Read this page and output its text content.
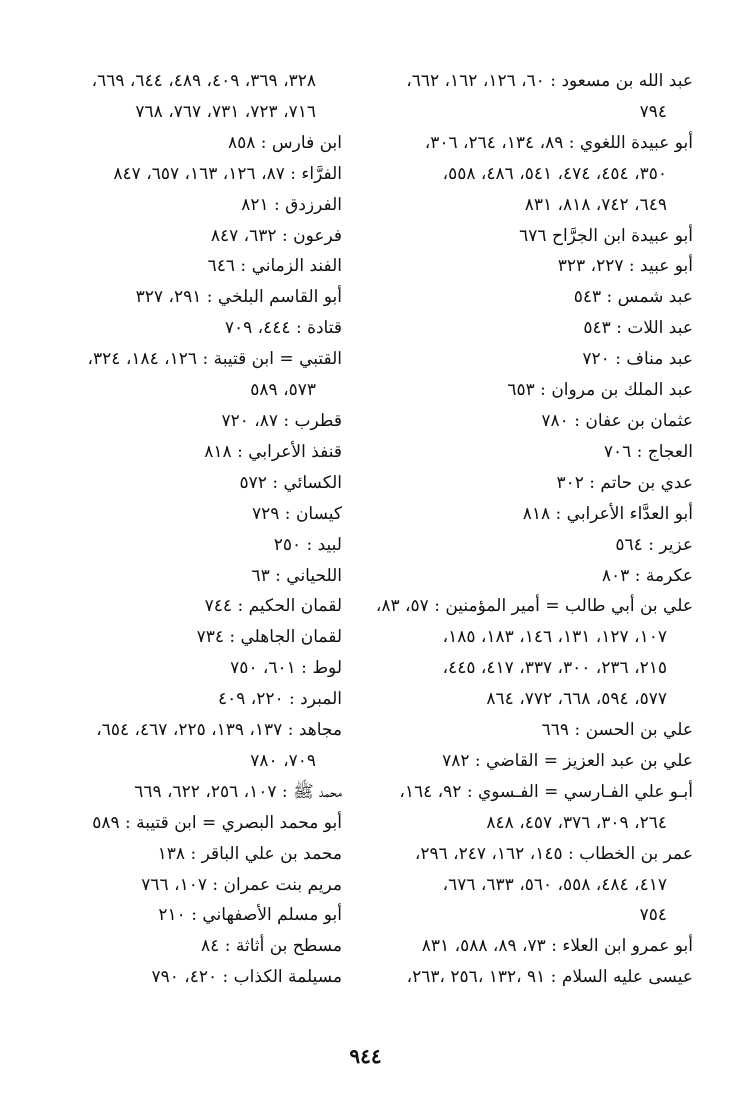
عبد الله بن مسعود : ٦٠، ١٢٦، ١٦٢، ٦٦٢،
٧٩٤
أبو عبيدة اللغوي : ٨٩، ١٣٤، ٢٦٤، ٣٠٦،
٣٥٠، ٤٥٤، ٤٧٤، ٥٤١، ٤٨٦، ٥٥٨،
٦٤٩، ٧٤٢، ٨١٨، ٨٣١
أبو عبيدة ابن الجرَّاح ٦٧٦
أبو عبيد : ٢٢٧، ٣٢٣
عبد شمس : ٥٤٣
عبد اللات : ٥٤٣
عبد مناف : ٧٢٠
عبد الملك بن مروان : ٦٥٣
عثمان بن عفان : ٧٨٠
العجاج : ٧٠٦
عدي بن حاتم : ٣٠٢
أبو العدَّاء الأعرابي : ٨١٨
عزير : ٥٦٤
عكرمة : ٨٠٣
علي بن أبي طالب = أمير المؤمنين : ٥٧، ٨٣،
١٠٧، ١٢٧، ١٣١، ١٤٦، ١٨٣، ١٨٥،
٢١٥، ٢٣٦، ٣٠٠، ٣٣٧، ٤١٧، ٤٤٥،
٥٧٧، ٥٩٤، ٦٦٨، ٧٧٢، ٨٦٤
علي بن الحسن : ٦٦٩
علي بن عبد العزيز = القاضي : ٧٨٢
أبـو علي الفـارسي = الفـسوي : ٩٢، ١٦٤،
٢٦٤، ٣٠٩، ٣٧٦، ٤٥٧، ٨٤٨
عمر بن الخطاب : ١٤٥، ١٦٢، ٢٤٧، ٢٩٦،
٤١٧، ٤٨٤، ٥٥٨، ٥٦٠، ٦٣٣، ٦٧٦،
٧٥٤
أبو عمرو ابن العلاء : ٧٣، ٨٩، ٥٨٨، ٨٣١
عيسى عليه السلام : ٩١ ،١٣٢ ،٢٥٦ ،٢٦٣،
٣٢٨، ٣٦٩، ٤٠٩، ٤٨٩، ٦٤٤، ٦٦٩،
٧١٦، ٧٢٣، ٧٣١، ٧٦٧، ٧٦٨
ابن فارس : ٨٥٨
الفرَّاء : ٨٧، ١٢٦، ١٦٣، ٦٥٧، ٨٤٧
الفرزدق : ٨٢١
فرعون : ٦٣٢، ٨٤٧
الفند الزماني : ٦٤٦
أبو القاسم البلخي : ٢٩١، ٣٢٧
قتادة : ٤٤٤، ٧٠٩
القتبي = ابن قتيبة : ١٢٦، ١٨٤، ٣٢٤،
٥٧٣، ٥٨٩
قطرب : ٨٧، ٧٢٠
قنفذ الأعرابي : ٨١٨
الكسائي : ٥٧٢
كيسان : ٧٢٩
لبيد : ٢٥٠
اللحياني : ٦٣
لقمان الحكيم : ٧٤٤
لقمان الجاهلي : ٧٣٤
لوط : ٦٠١، ٧٥٠
المبرد : ٢٢٠، ٤٠٩
مجاهد : ١٣٧، ١٣٩، ٢٢٥، ٤٦٧، ٦٥٤،
٧٠٩، ٧٨٠
محمد ﷺ : ١٠٧، ٢٥٦، ٦٢٢، ٦٦٩
أبو محمد البصري = ابن قتيبة : ٥٨٩
محمد بن علي الباقر : ١٣٨
مريم بنت عمران : ١٠٧، ٧٦٦
أبو مسلم الأصفهاني : ٢١٠
مسطح بن أثاثة : ٨٤
مسيلمة الكذاب : ٤٢٠، ٧٩٠
٩٤٤
